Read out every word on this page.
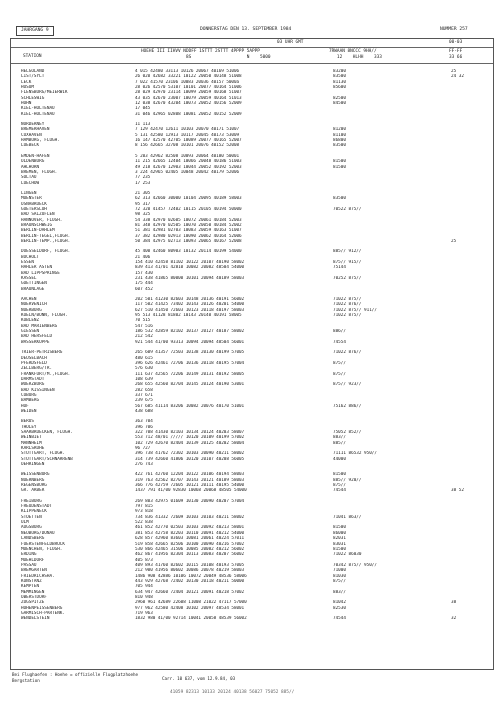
JAHRGANG 9	DONNERSTAG DEN 13. SEPTEMBER 1984	NUMMER 257
03 UHR GMT	00-03
STATION
HOEHE III IIHVV NDDFF 1STTT 2STTT 4PPPP 5APPP
8S                     N    5000
7RWAAN 8NCCC 9HH//
12    HLHH    333
FF-FF
33 66
HELGOLAND	4 015 42480 33113 10126 20067 40169 51006	83200	25
LIST/SYLT	26 020 42682 33221 10122 20050 40148 51008	83500	24 32
LECK	7 022 41570 23106 10083 20036 40157 5000a	81130
HUSUM	28 026 42570 53107 10101 20077 40164 51006	85600
FLENSBURG/MEIERWIK	28 029 42970 23114 10099 20059 40168 51007
SCHLESWIG	43 035 42670 23007 10079 20059 40164 51013	82500
HOHN	12 038 42670 43204 10073 20052 40156 52009	84500
KIEL-HOLTENAU	17 045
KIEL-HOLTENAU	31 046 42965 02808 10081 20052 40152 52009
NORDERNEY	11 113
BREMERHAVEN	7 129 42470 12611 10103 20070 40171 51007	81200
CUXHAVEN	5 131 42580 12913 10117 20045 40173 53009	81100
HAMBURG, FLUGH.	16 147 42570 42705 10089 20077 40165 52007	86800
LUEBECK	8 156 42665 32708 10101 20076 40152 52008	83500
EMDEN-HAFEN	5 203 42962 82508 10093 20064 40180 50001
OLDENBURG	11 215 42665 12404 10066 20048 40186 51003	81500
AHLHORN	49 218 42670 12903 10044 20052 40192 52003	81500
BREMEN, FLUGH.	3 224 42965 02405 10048 20042 40179 52006
SOLTAU	77 235
LUECHOW	17 253
LINGEN	21 305
MUENSTER	62 313 42660 30000 10104 20095 40189 58003	83500
OSNABRUECK	95 317
GUETERSLOH	72 320 41457 72402 10115 20105 40194 50000	70522 875//
BAD SALZUFLEN	98 325
HANNOVER, FLUGH.	54 338 42970 02605 10072 20061 40184 52003
BRAUNSCHWEIG	81 348 42970 02505 10070 20050 40184 52002
BERLIN-DAHLEM	51 381 42981 02703 10083 20059 40163 51007
BERLIN-TEGEL,FLUGH.	37 382 42980 02913 10090 20062 40164 52006
BERLIN-TEMP.,FLUGH.	50 384 42975 02713 10093 20065 40167 52008	25
DUESSELDORF, FLUGH.	45 400 42460 80903 10132 20114 40199 54000	885// 912//
BOCHOLT	21 406
ESSEN	154 410 42458 81102 10122 20107 40190 58002	875// 915//
HAHLER ASTEN	839 413 41/01 42810 10082 20082 48504 54000	75144
BAD LIPPSPRINGE	157 430
KASSEL	231 438 41865 80000 10101 20094 40189 58003	70252 875//
GOETTINGEN	175 444
BRAUNLAGE	607 452
AACHEN	202 501 41230 82603 10148 20136 40191 56002	71022 875//
NOERVENICH	117 502 41425 73402 10143 20126 40201 54000	71022 876//
NUERBURG	627 510 41450 72603 10123 20118 40197 58003	71022 875// 911//
KOELN/BONN, FLUGH.	95 513 41128 81802 10143 20140 40191 58005	71022 875//
KOBLENZ	70 515
BAD MARIENBERG	547 516
GIESSEN	186 532 42859 82102 10137 20127 40187 58002	886//
BAD HERSFELD	212 542
WASSERKUPPE	921 544 41/00 93313 10094 20094 48504 56001	74554
TRIER-PETRISBERG	265 609 41357 72503 10138 20130 40199 57005	71022 876//
DEUSELBACH	480 615
PFERDSFELD	396 626 42461 72706 10136 20118 40195 57004	875//
ZELLBERG/TR.	576 630
FRANKFURT/M.,FLUGH.	111 637 42565 72206 10149 20131 40192 58005	875//
DARMSTADT	108 639
WUERZBURG	268 655 42560 82704 10145 20124 40190 53001	875// 923//
BAD KISSINGEN	282 658
COBURG	337 671
BAMBERG	239 675
HOF	567 685 41114 83206 10082 20076 40170 51001	75162 886//
WEIDEN	438 688
BERUS	363 704
THOLEY	396 706
SAARBRUECKEN, FLUGH.	322 708 41430 82103 10134 20124 40203 58007	75052 852//
WEINBIET	553 712 48/01 ///// 10120 20109 40199 57002	883//
MANNHEIM	102 729 42670 82404 10139 20125 40202 58004	885//
KARLSRUHE	96 727
STUTTGART, FLUGH.	396 738 41762 72302 10103 20090 40211 58002	71111 86532 950//
STUTTGART/SCHNARRENB	314 739 42660 41806 10120 20107 40208 56005	44000
OEHRINGEN	276 743
WEISSENBURG	422 761 42760 12204 10122 20106 40194 58003	81500
NUERNBERG	319 763 42562 82707 10143 20121 40189 58003	885// 920//
REGENSBURG	366 776 42759 72605 10121 20111 40195 54000	875//
GR. ARBER	1437 791 41/00 92830 10068 20068 48505 54000	74544	38 52
FREIBURG	269 803 42975 01609 10130 20090 40207 57004
FREUDENSTADT	797 815
KLIPPENECK	973 818
STOETTEN	734 836 41332 72609 10103 20103 40211 58002	71041 863//
ULM	522 838
AUGSBURG	461 852 42770 02503 10103 20092 40213 58001	81500
NEUBURG/DONAU	381 853 42758 82203 10110 20091 40212 54000	86000
LANDSBERG	628 857 42960 83603 10081 20061 40224 57011	82031
FUERSTENFELDBRUCK	519 858 42665 82506 10100 20090 40216 57002	83031
MUENCHEN, FLUGH.	530 866 42465 31506 10085 20082 40212 56002	81500
ERDING	462 867 41956 82304 10113 20083 40207 56002	71022 86030
MUEHLDORF	405 873
PASSAU	409 893 41760 82602 10115 20108 40193 57005	70342 875// 950//
BREMGARTEN	212 900 41956 80602 10086 20078 40219 58003	71000
FRIEDRICHSHA.	1486 908 42886 10106 10072 20049 48536 58006	81030
KONSTANZ	443 929 42768 72402 10130 20118 40211 50000	875//
KEMPTEN	705 944
MEMMINGEN	634 947 42660 72404 10121 20091 40218 57002	883//
OBERSTDORF	810 948
ZUGSPITZE	2960 961 42689 22608 11008 21022 47117 57000	81042	38
HOHENPEISSENBERG	977 962 42580 42408 10102 20097 48534 58001	82530
GARMISCH-PARTENK.	719 963
WENDELSTEIN	1832 980 41/00 92714 10041 20058 48539 56002	74544	32
Bei Flughaefen : Hoehe = offizielle Flugplatzhoehe
Bergstation	Carr. 10 637, vom 12.9.84, 03
41059 82313 10133 20124 40138 56027 75052 885//
